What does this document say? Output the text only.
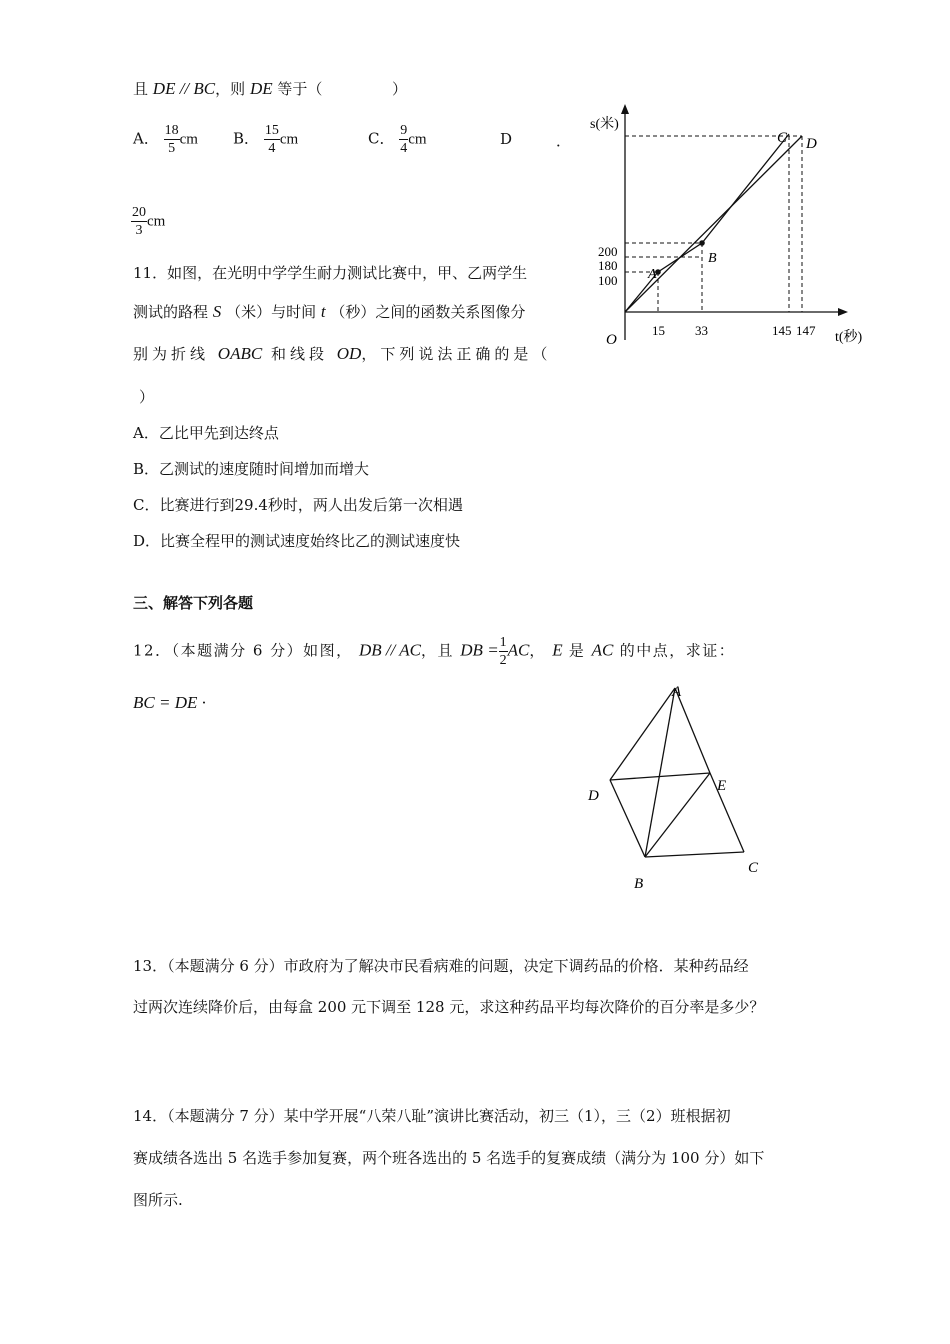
且 DE // BC，则 DE 等于（	）
A． $\frac{18}{5}$ cm B． $\frac{15}{4}$ cm	C． $\frac{9}{4}$ cm	D	．
$\frac{20}{3}$ cm
11．如图，在光明中学学生耐力测试比赛中，甲、乙两学生
测试的路程 S （米）与时间 t （秒）之间的函数关系图像分
别为折线 OABC 和线段 OD，下列说法正确的是（
）
A．乙比甲先到达终点
B．乙测试的速度随时间增加而增大
C．比赛进行到29.4秒时，两人出发后第一次相遇
D．比赛全程甲的测试速度始终比乙的测试速度快
s(米)
t(秒)
O
200
180
100
15 33	145 147
A
B
C D
三、解答下列各题
12．（本题满分 6 分）如图， DB // AC，且 DB = $\frac{1}{2}$ AC， E 是 AC 的中点，求证：
BC = DE ·
A
D
E
B
C
13．（本题满分 6 分）市政府为了解决市民看病难的问题，决定下调药品的价格．某种药品经
过两次连续降价后，由每盒 200 元下调至 128 元，求这种药品平均每次降价的百分率是多少？
14．（本题满分 7 分）某中学开展“八荣八耻”演讲比赛活动，初三（1），三（2）班根据初
赛成绩各选出 5 名选手参加复赛，两个班各选出的 5 名选手的复赛成绩（满分为 100 分）如下
图所示.
